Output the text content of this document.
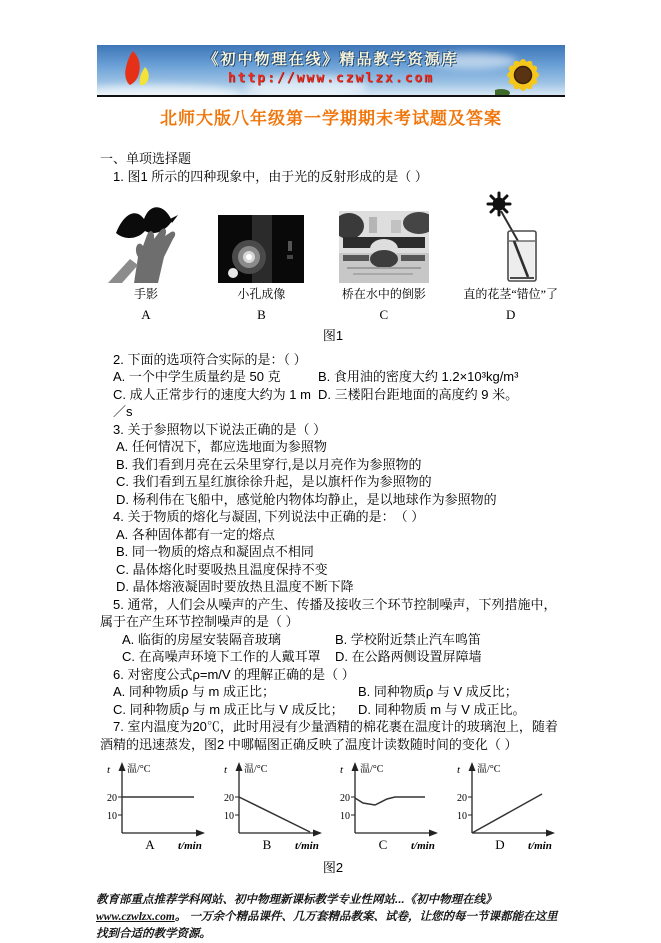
《初中物理在线》精品教学资源库
http://www.czwlzx.com
北师大版八年级第一学期期末考试题及答案

一、单项选择题

1. 图1 所示的四种现象中，由于光的反射形成的是（ ）

手影
A
小孔成像
B
桥在水中的倒影
C
直的花茎“错位”了
D

图1

2. 下面的选项符合实际的是：（ ）

A. 一个中学生质量约是 50 克	B. 食用油的密度大约 1.2×10³kg/m³
C. 成人正常步行的速度大约为 1 m／s
D. 三楼阳台距地面的高度约 9 米。

3. 关于参照物以下说法正确的是（ ）

A. 任何情况下，都应选地面为参照物
B. 我们看到月亮在云朵里穿行,是以月亮作为参照物的
C. 我们看到五星红旗徐徐升起，是以旗杆作为参照物的
D. 杨利伟在飞船中，感觉舱内物体均静止，是以地球作为参照物的

4. 关于物质的熔化与凝固, 下列说法中正确的是：　（ ）

A. 各种固体都有一定的熔点
B. 同一物质的熔点和凝固点不相同
C. 晶体熔化时要吸热且温度保持不变
D. 晶体熔液凝固时要放热且温度不断下降

5. 通常，人们会从噪声的产生、传播及接收三个环节控制噪声，下列措施中，属于在产生环节控制噪声的是（ ）

A. 临街的房屋安装隔音玻璃	B. 学校附近禁止汽车鸣笛
C. 在高噪声环境下工作的人戴耳罩	D. 在公路两侧设置屏障墙

6. 对密度公式ρ=m/V 的理解正确的是（ ）

A. 同种物质ρ 与 m 成正比；	B. 同种物质ρ 与 V 成反比；
C. 同种物质ρ 与 m 成正比与 V 成反比；	D. 同种物质 m 与 V 成正比。

7. 室内温度为20℃，此时用浸有少量酒精的棉花裹在温度计的玻璃泡上，随着酒精的迅速蒸发，图2 中哪幅图正确反映了温度计读数随时间的变化（ ）

t 温/°C
20
10
A t/min
t 温/°C
20
10
B t/min
t 温/°C
20
10
C t/min
t 温/°C
20
10
D t/min

图2

教育部重点推荐学科网站、初中物理新课标教学专业性网站...《初中物理在线》www.czwlzx.com。 一万余个精品课件、几万套精品教案、试卷，让您的每一节课都能在这里找到合适的教学资源。
